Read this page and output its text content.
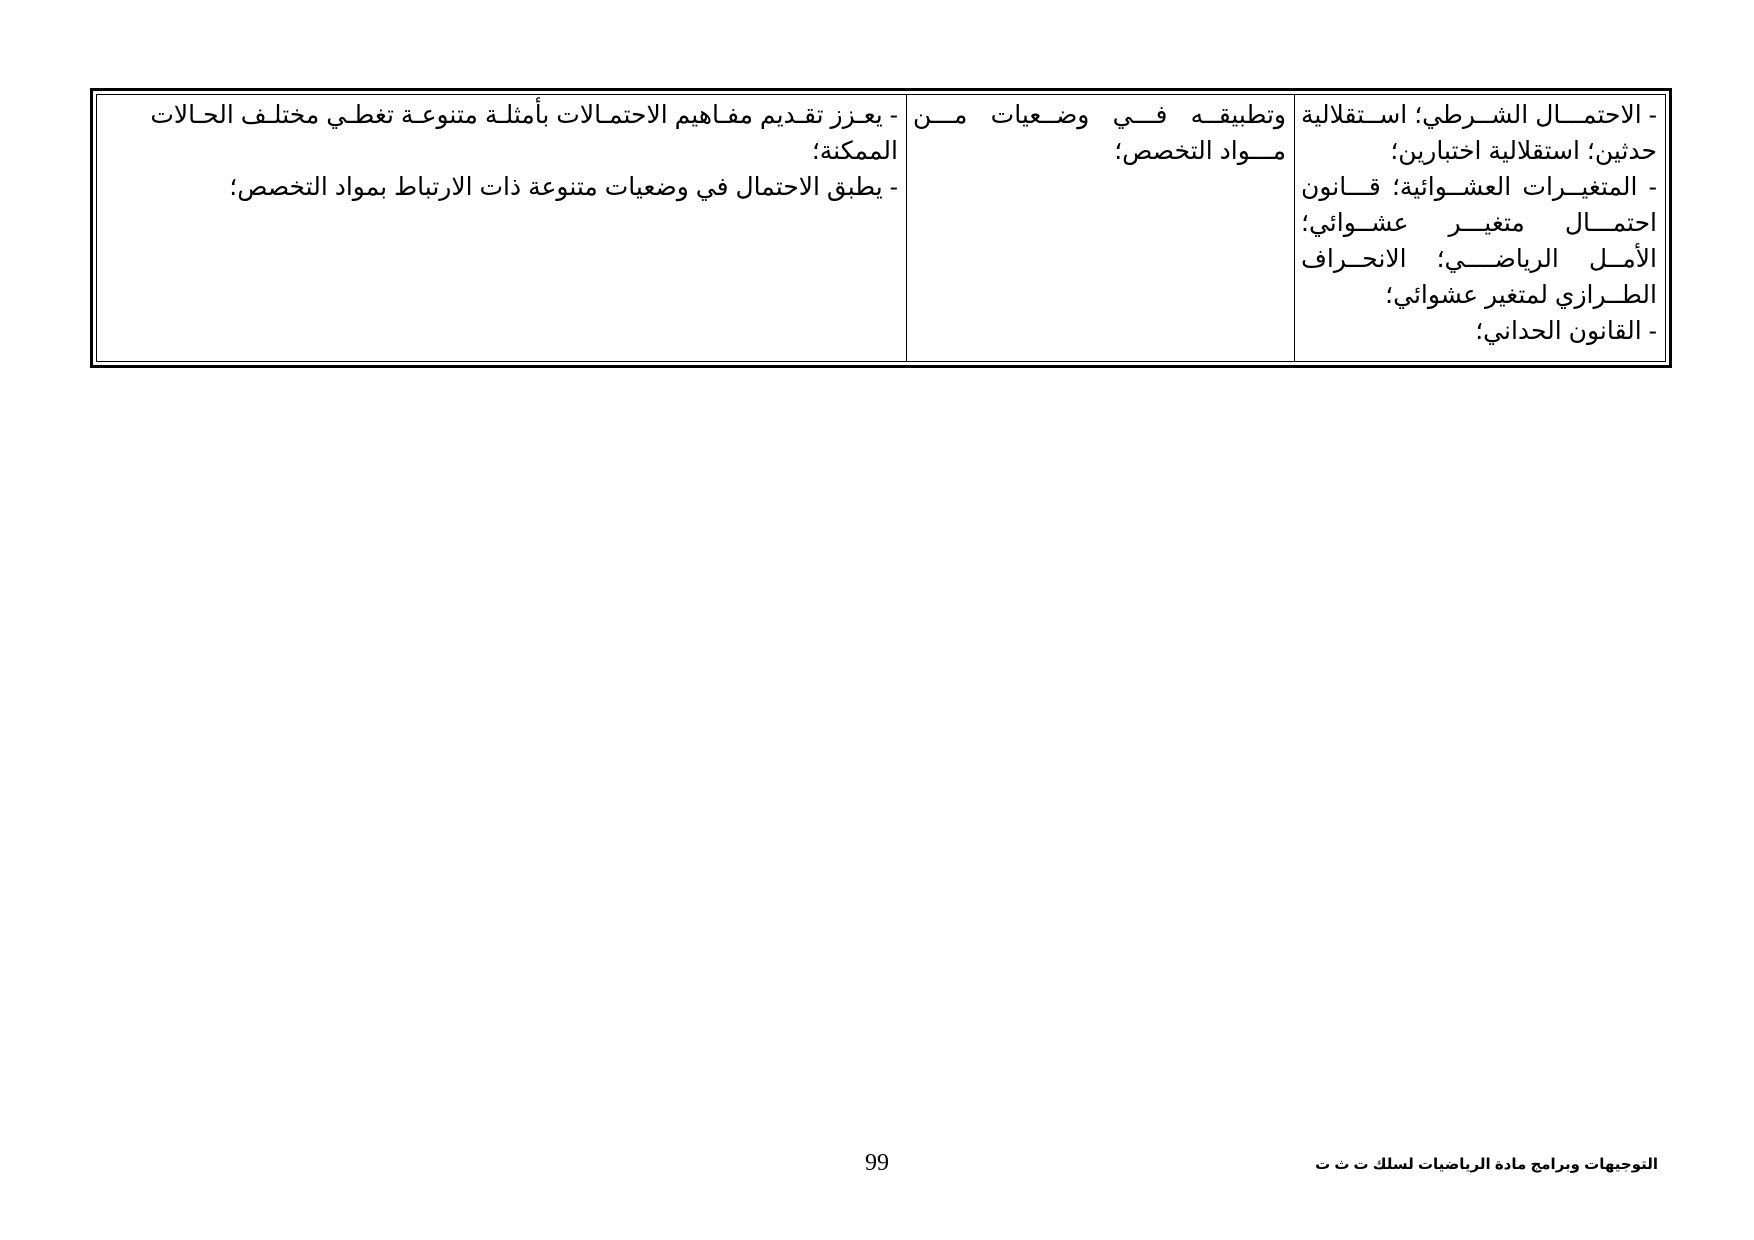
- الاحتمـــال الشــرطي؛ اســتقلالية حدثين؛ استقلالية اختبارين؛

- المتغيــرات العشــوائية؛ قـــانون احتمـــال متغيـــر عشــوائي؛ الأمــل الرياضــــي؛ الانحــراف الطــرازي لمتغير عشوائي؛

- القانون الحداني؛

وتطبيقــه فـــي وضــعيات مـــن مـــواد التخصص؛

- يعـزز تقـديم مفـاهيم الاحتمـالات بأمثلـة متنوعـة تغطـي مختلـف الحـالات الممكنة؛

- يطبق الاحتمال في وضعيات متنوعة ذات الارتباط بمواد التخصص؛

99	التوجيهات وبرامج مادة الرياضيات لسلك ت ث ت
